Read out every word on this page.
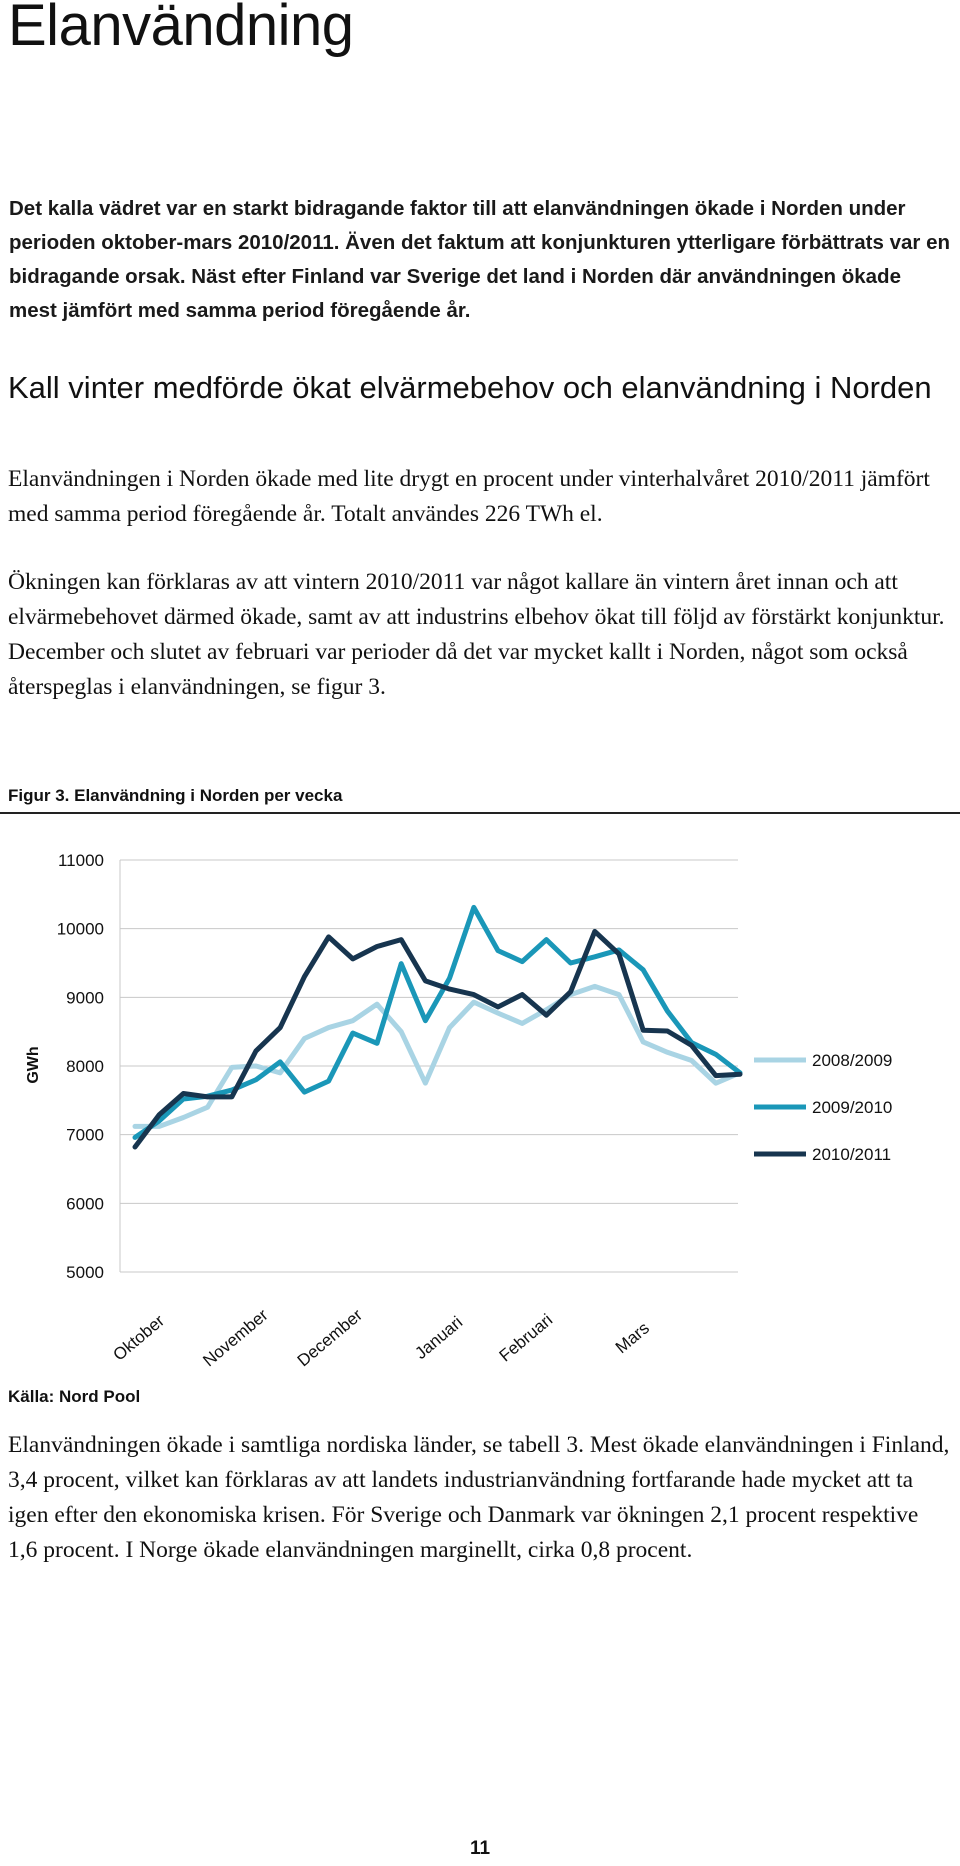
Elanvändning

Det kalla vädret var en starkt bidragande faktor till att elanvändningen ökade i Norden under perioden oktober-mars 2010/2011. Även det faktum att konjunkturen ytterligare förbättrats var en bidragande orsak. Näst efter Finland var Sverige det land i Norden där användningen ökade mest jämfört med samma period föregående år.

Kall vinter medförde ökat elvärmebehov och elanvändning i Norden

Elanvändningen i Norden ökade med lite drygt en procent under vinterhalvåret 2010/2011 jämfört med samma period föregående år. Totalt användes 226 TWh el.

Ökningen kan förklaras av att vintern 2010/2011 var något kallare än vintern året innan och att elvärmebehovet därmed ökade, samt av att industrins elbehov ökat till följd av förstärkt konjunktur. December och slutet av februari var perioder då det var mycket kallt i Norden, något som också återspeglas i elanvändningen, se figur 3.

Figur 3. Elanvändning i Norden per vecka

11000
10000
9000
8000
7000
6000
5000
GWh
Oktober November December	Januari Februari	Mars
2008/2009
2009/2010
2010/2011

Källa: Nord Pool

Elanvändningen ökade i samtliga nordiska länder, se tabell 3. Mest ökade elanvändningen i Finland, 3,4 procent, vilket kan förklaras av att landets industrianvändning fortfarande hade mycket att ta igen efter den ekonomiska krisen. För Sverige och Danmark var ökningen 2,1 procent respektive 1,6 procent. I Norge ökade elanvändningen marginellt, cirka 0,8 procent.

11
